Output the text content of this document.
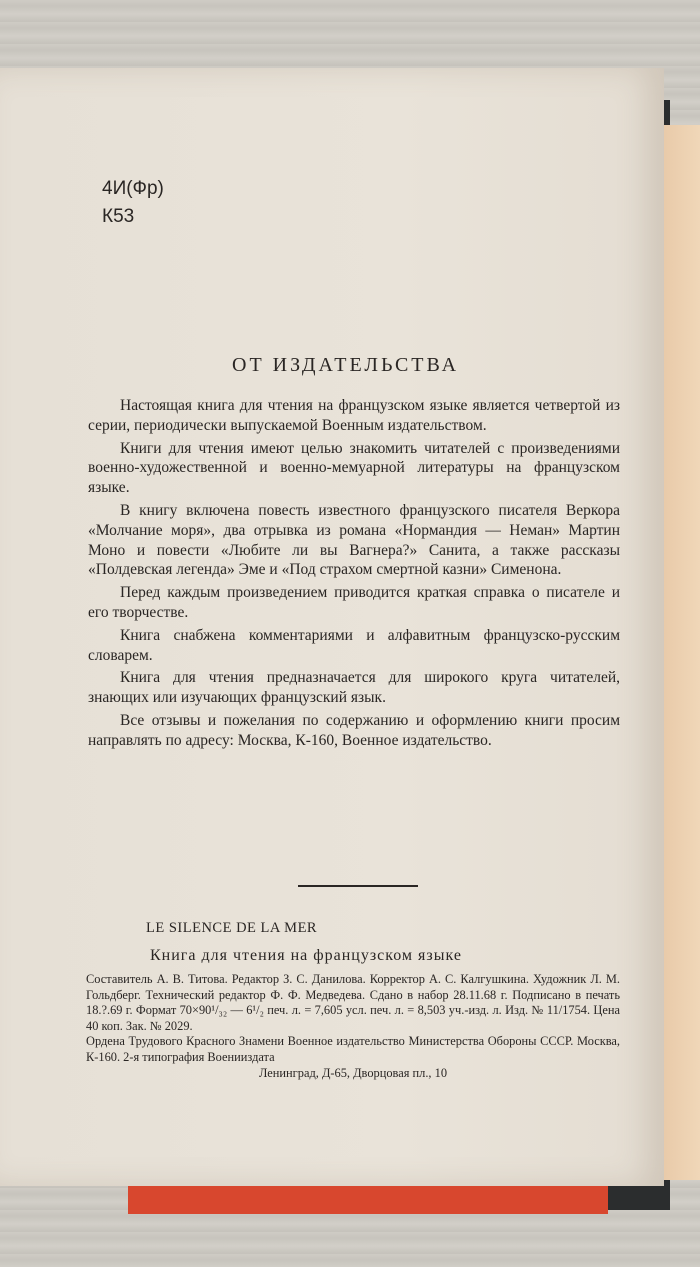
4И(Фр)
К53
ОТ ИЗДАТЕЛЬСТВА

Настоящая книга для чтения на французском языке является четвертой из серии, периодически выпускаемой Военным издательством.

Книги для чтения имеют целью знакомить читателей с произведениями военно-художественной и военно-мемуарной литературы на французском языке.

В книгу включена повесть известного французского писателя Веркора «Молчание моря», два отрывка из романа «Нормандия — Неман» Мартин Моно и повести «Любите ли вы Вагнера?» Санита, а также рассказы «Полдевская легенда» Эме и «Под страхом смертной казни» Сименона.

Перед каждым произведением приводится краткая справка о писателе и его творчестве.

Книга снабжена комментариями и алфавитным французско-русским словарем.

Книга для чтения предназначается для широкого круга читателей, знающих или изучающих французский язык.

Все отзывы и пожелания по содержанию и оформлению книги просим направлять по адресу: Москва, К-160, Военное издательство.

LE SILENCE DE LA MER
Книга для чтения на французском языке

Составитель А. В. Титова. Редактор З. С. Данилова. Корректор А. С. Калгушкина. Художник Л. М. Гольдберг. Технический редактор Ф. Ф. Медведева. Сдано в набор 28.11.68 г. Подписано в печать 18.?.69 г. Формат 70×90¹/₃₂ — 6¹/₂ печ. л. = 7,605 усл. печ. л. = 8,503 уч.-изд. л. Изд. № 11/1754. Цена 40 коп. Зак. № 2029.

Ордена Трудового Красного Знамени Военное издательство Министерства Обороны СССР. Москва, К-160. 2-я типография Военииздата

Ленинград, Д-65, Дворцовая пл., 10
